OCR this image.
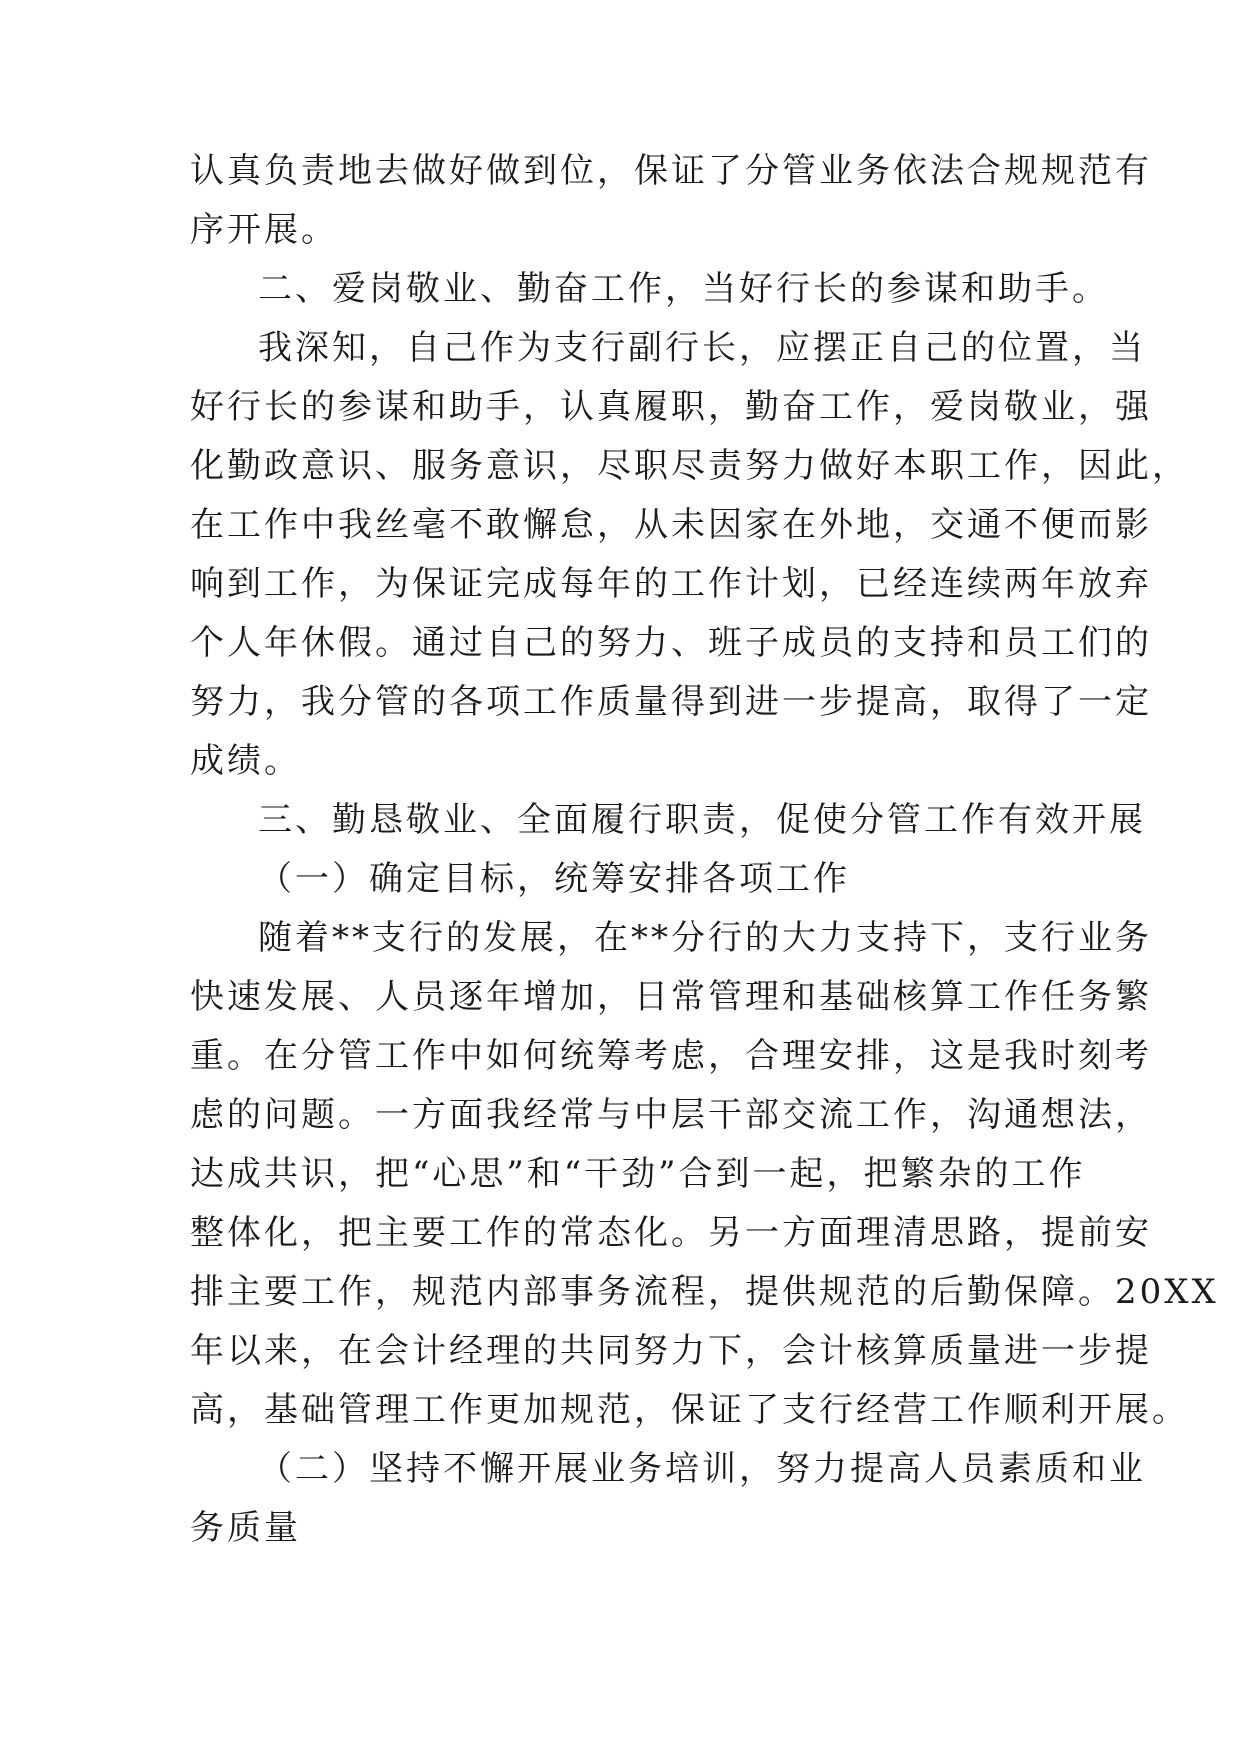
认真负责地去做好做到位，保证了分管业务依法合规规范有
序开展。
二、爱岗敬业、勤奋工作，当好行长的参谋和助手。
我深知，自己作为支行副行长，应摆正自己的位置，当
好行长的参谋和助手，认真履职，勤奋工作，爱岗敬业，强
化勤政意识、服务意识，尽职尽责努力做好本职工作，因此，
在工作中我丝毫不敢懈怠，从未因家在外地，交通不便而影
响到工作，为保证完成每年的工作计划，已经连续两年放弃
个人年休假。通过自己的努力、班子成员的支持和员工们的
努力，我分管的各项工作质量得到进一步提高，取得了一定
成绩。
三、勤恳敬业、全面履行职责，促使分管工作有效开展
（一）确定目标，统筹安排各项工作
随着**支行的发展，在**分行的大力支持下，支行业务
快速发展、人员逐年增加，日常管理和基础核算工作任务繁
重。在分管工作中如何统筹考虑，合理安排，这是我时刻考
虑的问题。一方面我经常与中层干部交流工作，沟通想法，
达成共识，把“心思”和“干劲”合到一起，把繁杂的工作
整体化，把主要工作的常态化。另一方面理清思路，提前安
排主要工作，规范内部事务流程，提供规范的后勤保障。20XX
年以来，在会计经理的共同努力下，会计核算质量进一步提
高，基础管理工作更加规范，保证了支行经营工作顺利开展。
（二）坚持不懈开展业务培训，努力提高人员素质和业
务质量
